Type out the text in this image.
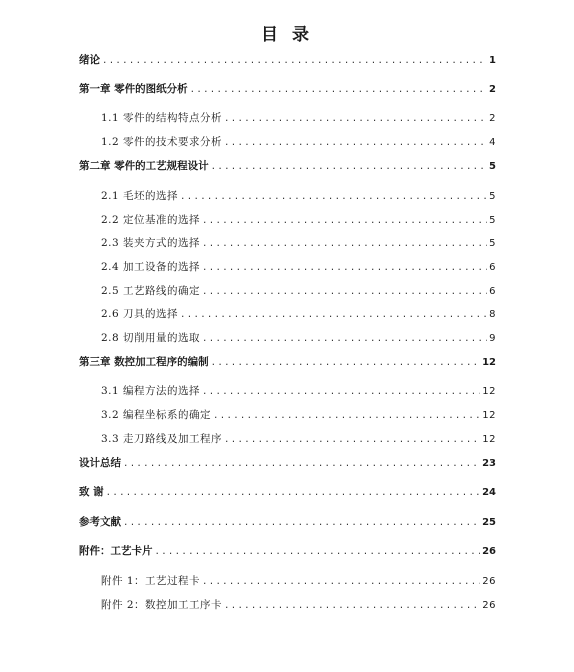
目 录
绪论 .....	1
第一章 零件的图纸分析 .....	2
1.1 零件的结构特点分析 .....	2
1.2 零件的技术要求分析 .....	4
第二章 零件的工艺规程设计 .....	5
2.1 毛坯的选择 .....	5
2.2 定位基准的选择 .....	5
2.3 装夹方式的选择 .....	5
2.4 加工设备的选择 .....	6
2.5 工艺路线的确定 .....	6
2.6 刀具的选择 .....	8
2.8 切削用量的选取 .....	9
第三章 数控加工程序的编制 .....	12
3.1 编程方法的选择 .....	12
3.2 编程坐标系的确定 .....	12
3.3 走刀路线及加工程序 .....	12
设计总结 .....	23
致 谢 .....	24
参考文献 .....	25
附件：工艺卡片 .....	26
附件 1：工艺过程卡 .....	26
附件 2：数控加工工序卡 .....	26
